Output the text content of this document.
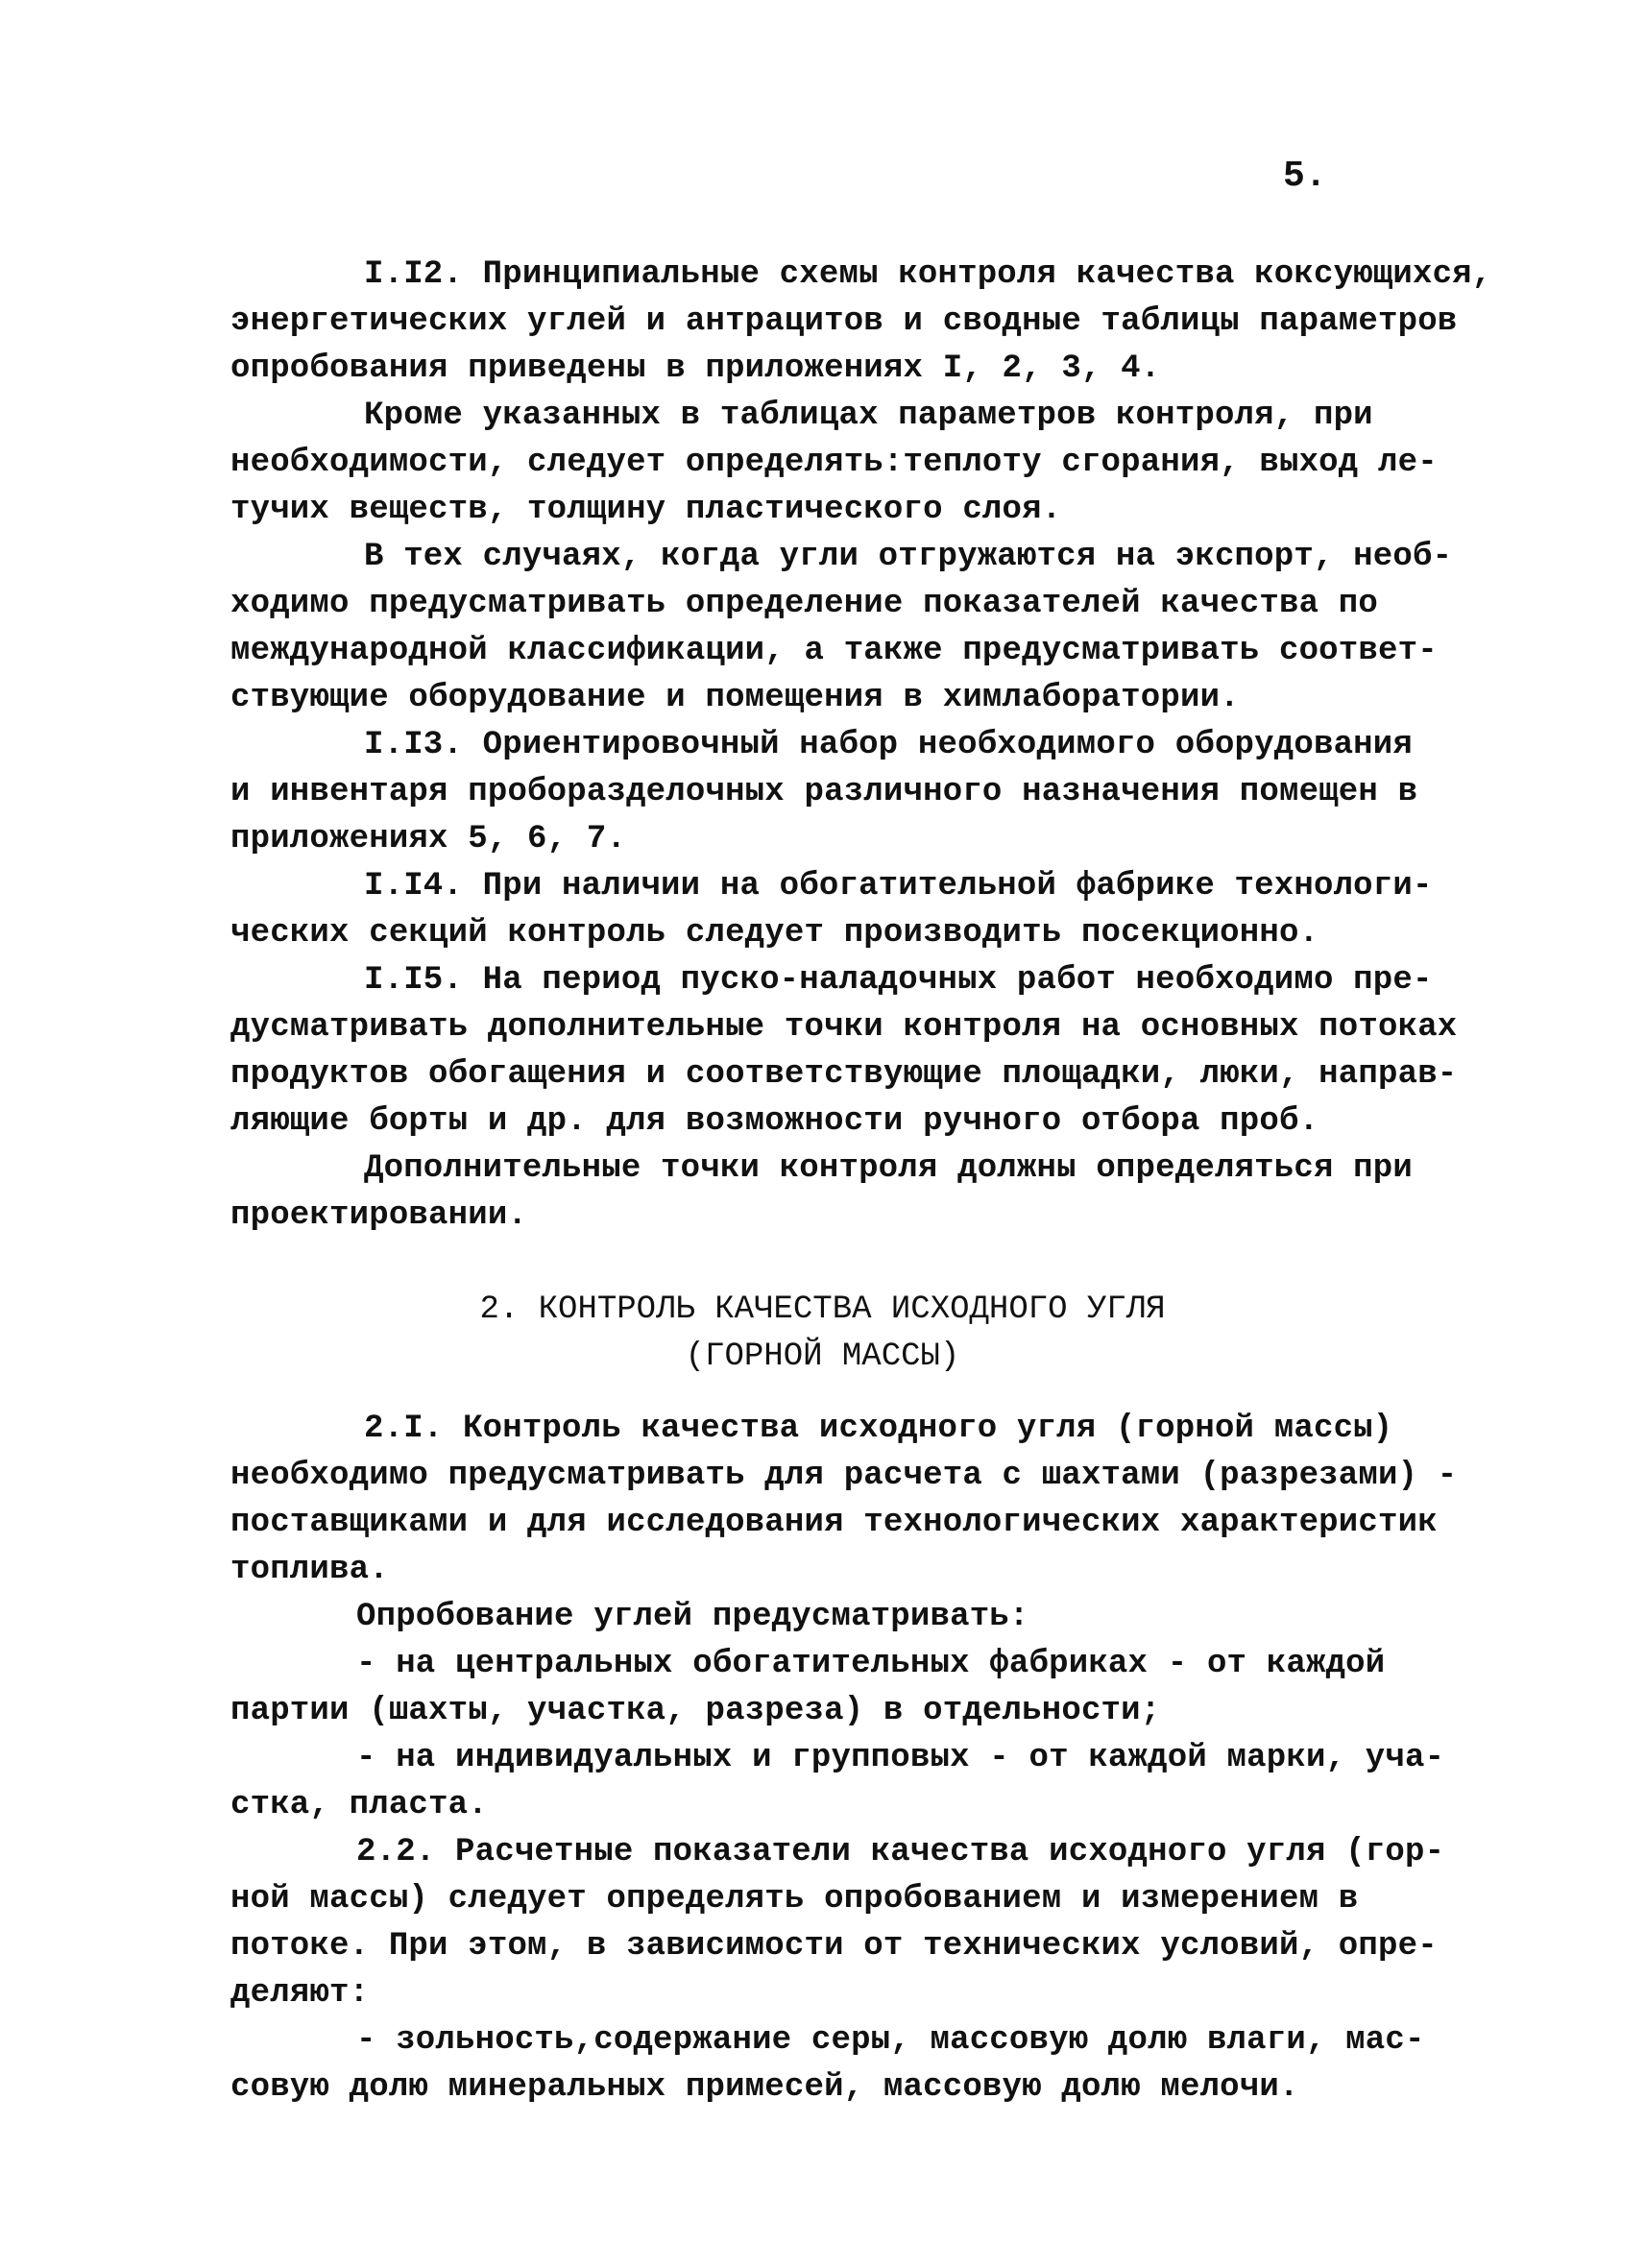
5.
I.I2. Принципиальные схемы контроля качества коксующихся,
энергетических углей и антрацитов и сводные таблицы параметров
опробования приведены в приложениях I, 2, 3, 4.
Кроме указанных в таблицах параметров контроля, при
необходимости, следует определять:теплоту сгорания, выход ле-
тучих веществ, толщину пластического слоя.
В тех случаях, когда угли отгружаются на экспорт, необ-
ходимо предусматривать определение показателей качества по
международной классификации, а также предусматривать соответ-
ствующие оборудование и помещения в химлаборатории.
I.I3. Ориентировочный набор необходимого оборудования
и инвентаря проборазделочных различного назначения помещен в
приложениях 5, 6, 7.
I.I4. При наличии на обогатительной фабрике технологи-
ческих секций контроль следует производить посекционно.
I.I5. На период пуско-наладочных работ необходимо пре-
дусматривать дополнительные точки контроля на основных потоках
продуктов обогащения и соответствующие площадки, люки, направ-
ляющие борты и др. для возможности ручного отбора проб.
Дополнительные точки контроля должны определяться при
проектировании.
2. КОНТРОЛЬ КАЧЕСТВА ИСХОДНОГО УГЛЯ
(ГОРНОЙ МАССЫ)
2.I. Контроль качества исходного угля (горной массы)
необходимо предусматривать для расчета с шахтами (разрезами) -
поставщиками и для исследования технологических характеристик
топлива.
Опробование углей предусматривать:
- на центральных обогатительных фабриках - от каждой
партии (шахты, участка, разреза) в отдельности;
- на индивидуальных и групповых - от каждой марки, уча-
стка, пласта.
2.2. Расчетные показатели качества исходного угля (гор-
ной массы) следует определять опробованием и измерением в
потоке. При этом, в зависимости от технических условий, опре-
деляют:
- зольность,содержание серы, массовую долю влаги, мас-
совую долю минеральных примесей, массовую долю мелочи.
